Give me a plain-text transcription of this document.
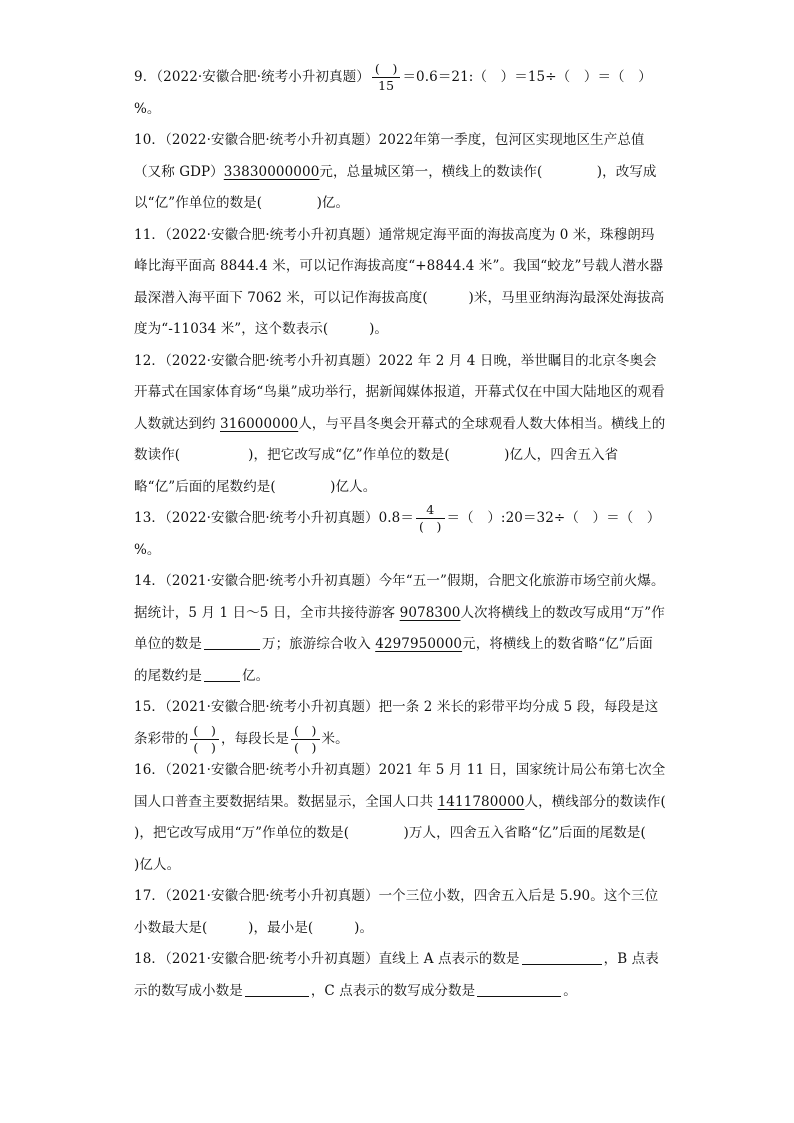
9．（2022·安徽合肥·统考小升初真题） $\frac{( )}{15}$ ＝0.6＝21:（　）＝15÷（　）＝（　）%。
10．（2022·安徽合肥·统考小升初真题）2022年第一季度，包河区实现地区生产总值（又称 GDP）33830000000元，总量城区第一，横线上的数读作(　　　　)，改写成以“亿”作单位的数是(　　　　)亿。
11．（2022·安徽合肥·统考小升初真题）通常规定海平面的海拔高度为 0 米，珠穆朗玛峰比海平面高 8844.4 米，可以记作海拔高度“+8844.4 米”。我国“蛟龙”号载人潜水器最深潜入海平面下 7062 米，可以记作海拔高度(　　　)米，马里亚纳海沟最深处海拔高度为“-11034 米”，这个数表示(　　　)。
12．（2022·安徽合肥·统考小升初真题）2022 年 2 月 4 日晚，举世瞩目的北京冬奥会开幕式在国家体育场“鸟巢”成功举行，据新闻媒体报道，开幕式仅在中国大陆地区的观看人数就达到约 316000000人，与平昌冬奥会开幕式的全球观看人数大体相当。横线上的数读作(　　　　　)，把它改写成“亿”作单位的数是(　　　　)亿人，四舍五入省略“亿”后面的尾数约是(　　　　)亿人。
13．（2022·安徽合肥·统考小升初真题）$0.8= \frac{4}{( )}$ ＝（　）:20＝32÷（　）＝（　）%。
14．（2021·安徽合肥·统考小升初真题）今年“五一”假期，合肥文化旅游市场空前火爆。据统计，5 月 1 日～5 日，全市共接待游客 9078300人次将横线上的数改写成用“万”作单位的数是	万；旅游综合收入 4297950000元，将横线上的数省略“亿”后面的尾数约是	亿。
15．（2021·安徽合肥·统考小升初真题）把一条 2 米长的彩带平均分成 5 段，每段是这条彩带的 $\frac{( )}{( )}$ ，每段长是 $\frac{( )}{( )}$ 米。
16．（2021·安徽合肥·统考小升初真题）2021 年 5 月 11 日，国家统计局公布第七次全国人口普查主要数据结果。数据显示，全国人口共 1411780000人，横线部分的数读作(　　　　)，把它改写成用“万”作单位的数是(　　　　)万人，四舍五入省略“亿”后面的尾数是(　　　　)亿人。
17．（2021·安徽合肥·统考小升初真题）一个三位小数，四舍五入后是 5.90。这个三位小数最大是(　　　)，最小是(　　　)。
18．（2021·安徽合肥·统考小升初真题）直线上 A 点表示的数是	，B 点表示的数写成小数是	，C 点表示的数写成分数是	。
